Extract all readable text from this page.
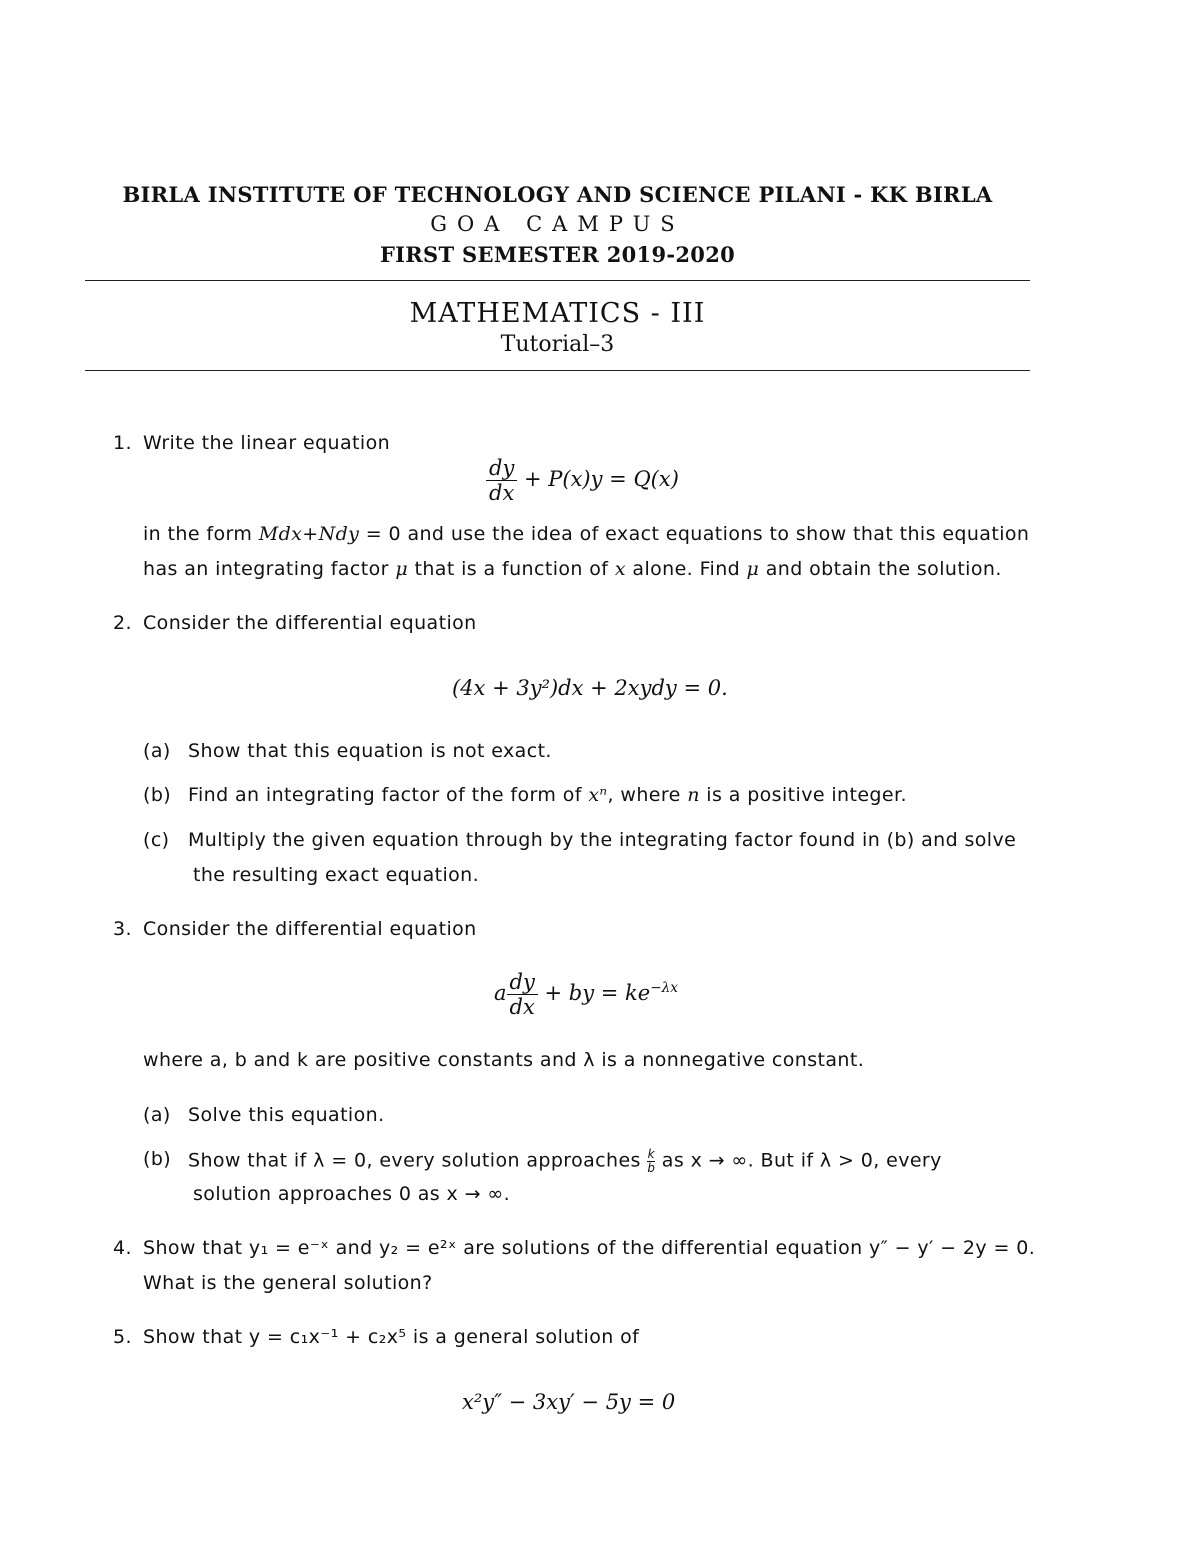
BIRLA INSTITUTE OF TECHNOLOGY AND SCIENCE PILANI - KK BIRLA
GOA CAMPUS
FIRST SEMESTER 2019-2020
MATHEMATICS - III
Tutorial–3
1. Write the linear equation
$\frac{dy}{dx} + P(x)y = Q(x)$
in the form Mdx+Ndy = 0 and use the idea of exact equations to show that this equation
has an integrating factor μ that is a function of x alone. Find μ and obtain the solution.
2. Consider the differential equation
(4x + 3y²)dx + 2xydy = 0.
(a) Show that this equation is not exact.
(b) Find an integrating factor of the form of xⁿ, where n is a positive integer.
(c) Multiply the given equation through by the integrating factor found in (b) and solve
the resulting exact equation.
3. Consider the differential equation
a $\frac{dy}{dx}$ + by = $ke^{-\lambda x}$
where a, b and k are positive constants and λ is a nonnegative constant.
(a) Solve this equation.
(b) Show that if λ = 0, every solution approaches $\frac{k}{b}$ as x → ∞. But if λ > 0, every
solution approaches 0 as x → ∞.
4. Show that y₁ = e⁻ˣ and y₂ = e²ˣ are solutions of the differential equation y″ − y′ − 2y = 0.
What is the general solution?
5. Show that y = c₁x⁻¹ + c₂x⁵ is a general solution of
x²y″ − 3xy′ − 5y = 0
